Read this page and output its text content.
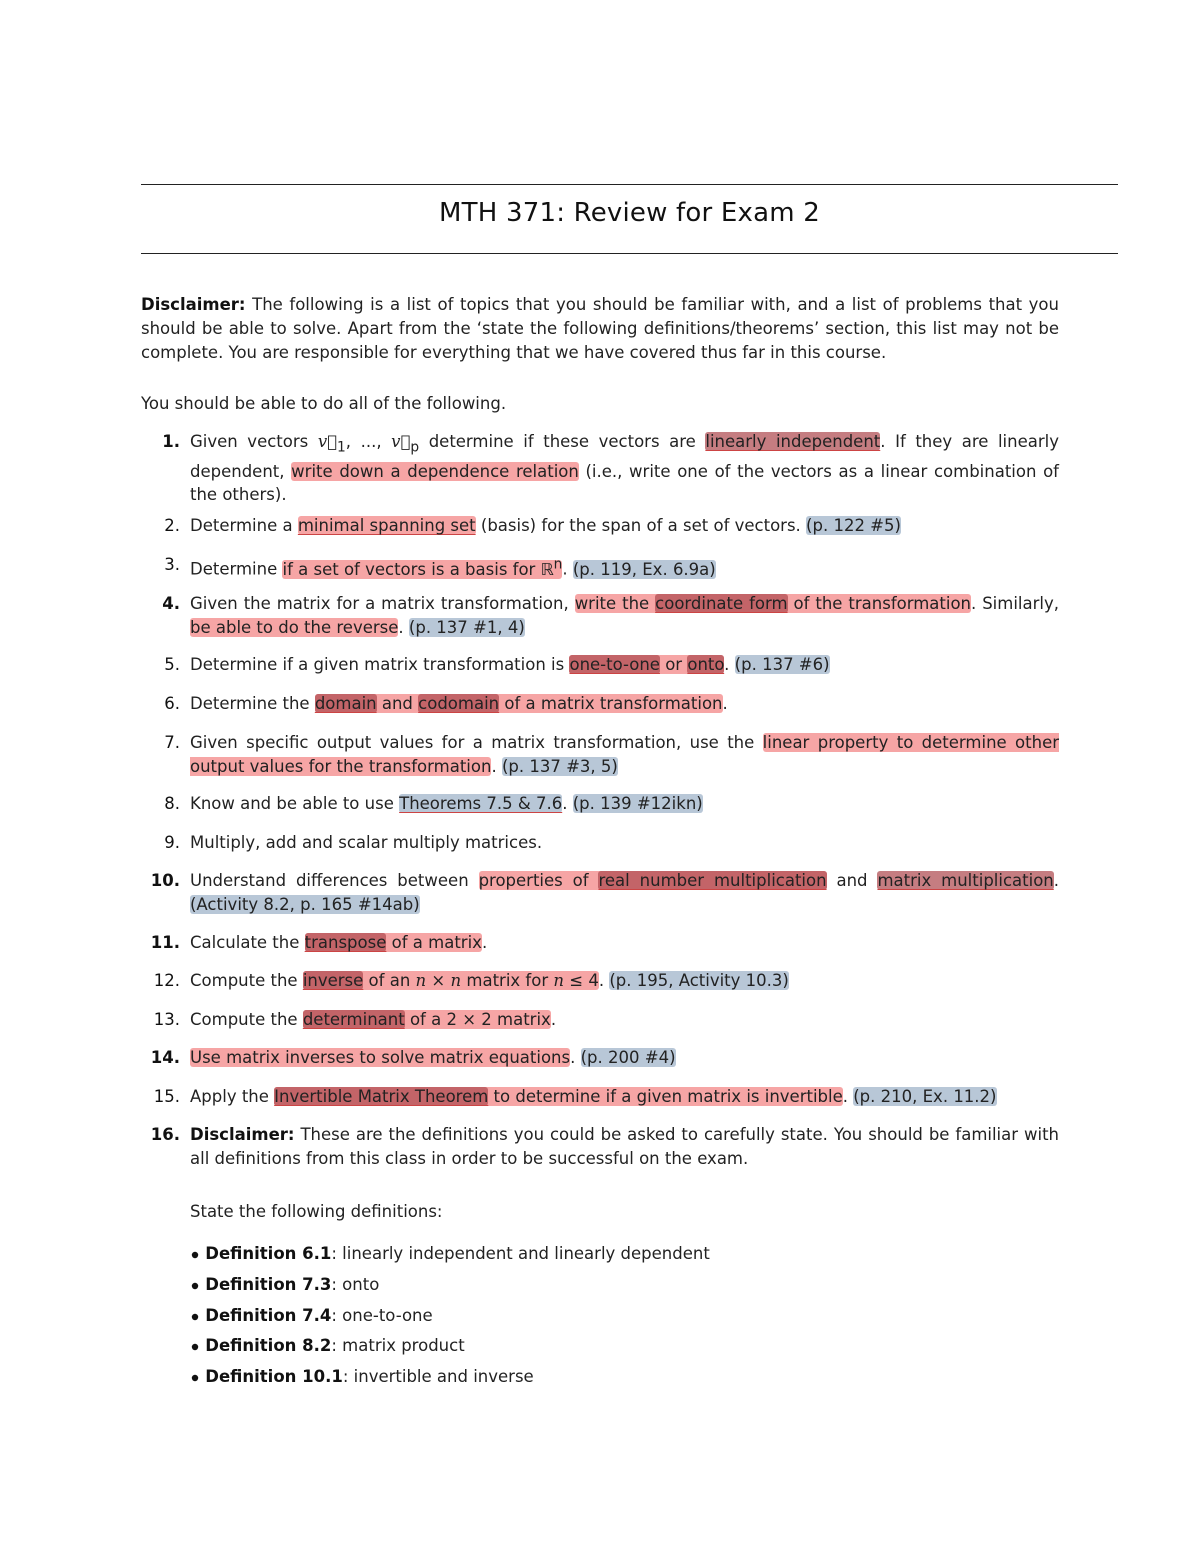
MTH 371: Review for Exam 2
Disclaimer: The following is a list of topics that you should be familiar with, and a list of problems that you should be able to solve. Apart from the ‘state the following definitions/theorems’ section, this list may not be complete. You are responsible for everything that we have covered thus far in this course.
You should be able to do all of the following.
1. Given vectors $v⃗_1$, ..., $v⃗_p$ determine if these vectors are linearly independent. If they are linearly dependent, write down a dependence relation (i.e., write one of the vectors as a linear combination of the others).
2. Determine a minimal spanning set (basis) for the span of a set of vectors. (p. 122 #5)
3. Determine if a set of vectors is a basis for ℝ$^n$. (p. 119, Ex. 6.9a)
4. Given the matrix for a matrix transformation, write the coordinate form of the transformation. Similarly, be able to do the reverse. (p. 137 #1, 4)
5. Determine if a given matrix transformation is one-to-one or onto. (p. 137 #6)
6. Determine the domain and codomain of a matrix transformation.
7. Given specific output values for a matrix transformation, use the linear property to determine other output values for the transformation. (p. 137 #3, 5)
8. Know and be able to use Theorems 7.5 & 7.6. (p. 139 #12ikn)
9. Multiply, add and scalar multiply matrices.
10. Understand differences between properties of real number multiplication and matrix multiplication. (Activity 8.2, p. 165 #14ab)
11. Calculate the transpose of a matrix.
12. Compute the inverse of an n × n matrix for n ≤ 4. (p. 195, Activity 10.3)
13. Compute the determinant of a 2 × 2 matrix.
14. Use matrix inverses to solve matrix equations. (p. 200 #4)
15. Apply the Invertible Matrix Theorem to determine if a given matrix is invertible. (p. 210, Ex. 11.2)
16. Disclaimer: These are the definitions you could be asked to carefully state. You should be familiar with all definitions from this class in order to be successful on the exam.
State the following definitions:
Definition 6.1: linearly independent and linearly dependent
Definition 7.3: onto
Definition 7.4: one-to-one
Definition 8.2: matrix product
Definition 10.1: invertible and inverse
